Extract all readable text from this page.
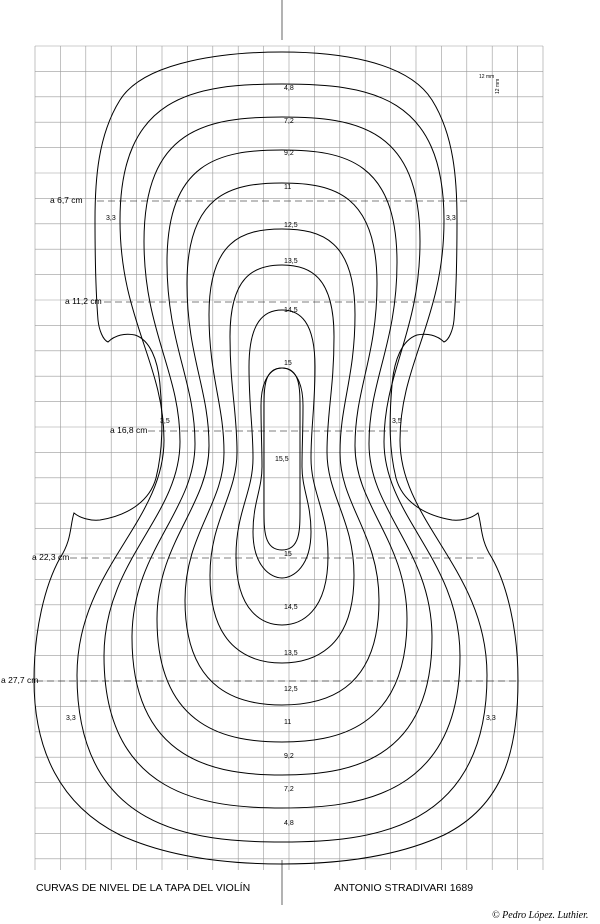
a 6,7 cm
a 11,2 cm
a 16,8 cm
a 22,3 cm
a 27,7 cm
4,8
7,2
9,2
11
12,5
13,5
14,5
15
15,5
15
14,5
13,5
12,5
11
9,2
7,2
4,8
3,3	3,3
3,5	3,5
3,3	3,3
12 mm
12 mm
CURVAS DE NIVEL DE LA TAPA DEL VIOLÍN	ANTONIO STRADIVARI 1689
© Pedro López. Luthier.
